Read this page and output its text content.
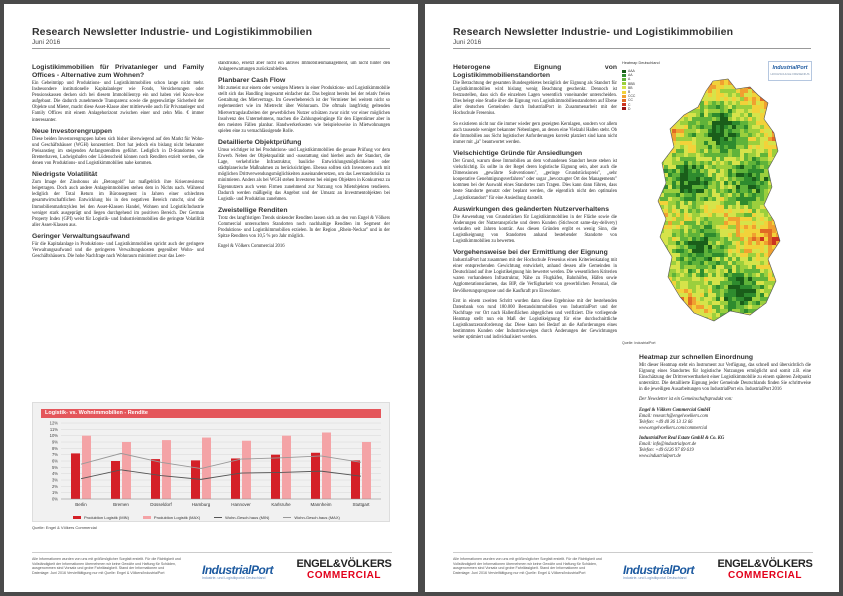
Research Newsletter Industrie- und Logistikimmobilien
Juni 2016
Logistikimmobilien für Privatanleger und Family Offices - Alternative zum Wohnen?

Ein Gebeimtipp und Produktions- und Logistikimmobilien schon lange nicht mehr. Insbesondere institutionelle Kapitalanleger wie Fonds, Versicherungen oder Pensionskassen decken sich bei diesem Immobilientyp ein und haben viel Know-how aufgebaut. Die dadurch zunehmende Transparenz sowie die gegenwärtige Sicherheit der Objekte und Mieter, macht diese Asset-Klasse aber mittlerweile auch für Privatanleger und Family Offices mit einem Anlagehorizont zwischen einer und zehn Mio. € immer interessanter.

Neue Investorengruppen

Diese beiden Investorengruppen haben sich bisher überwiegend auf den Markt für Wohn- und Geschäftshäuser (WGH) konzentriert. Dort hat jedoch ein bislang nicht bekannter Preisanstieg im steigenden Anfangsrenditen geführt. Lediglich in D-Standorten wie Bremerhaven, Ludwigshafen oder Lüdenscheid können noch Renditen erzielt werden, die denen von Produktions- und Logistikimmobilien nahe kommen.

Niedrigste Volatilität

Zum Image der Zinsbonus als „Betongold" hat maßgeblich ihre Krisenresistenz beigetragen. Doch auch andere Anlageimmobilien stehen dem in Nichts nach. Während lediglich der Total Return im Büronsegment in Jahren einer schlechten gesamtwirtschaftlichen Entwicklung bis in den negativen Bereich rutscht, sind die Immobilienmarktzyklen bei den Asset-Klassen Handel, Wohnen und Logistik/Industrie weniger stark ausgeprägt und liegen durchgehend im positiven Bereich. Der German Property Index (GPI) weist für Logistik- und Industrieimmobilien die geringste Volatilität aller Asset-Klassen aus.

Geringer Verwaltungsaufwand

Für die Kapitalanlage in Produktions- und Logistikimmobilien spricht auch der geringere Verwaltungsaufwand und die geringeren Verwaltungskosten gegenüber Wohn- und Geschäftshäusern. Die hohe Nachfrage nach Wohnraum minimiert zwar das Leer-

standrisiko, ersetzt aber nicht ein aktives Immobilienmanagement, um nicht hinter den Anlageerwartungen zurückzubleiben.

Planbarer Cash Flow

Mit zumeist nur einem oder wenigen Mietern in einer Produktions- und Logistikimmobilie stellt sich das Handling insgesamt einfacher dar. Das beginnt bereits bei der relativ freien Gestaltung des Mietvertrags. Im Gewerbebereich ist der Vermieter bei weitem nicht so reglementiert wie im Mietrecht über Wohnraum. Die oftmals langfristig geltenden Mietvertragslaufzeiten der gewerblichen Nutzer schützen zwar nicht vor einer möglichen Insolvenz des Unternehmens, machen die Zahlungseingänge für den Eigentümer aber in den meisten Fällen planbar. Handwerkerkosten wie beispielsweise in Mietwohnungen spielen eine zu vernachlässigende Rolle.

Detaillierte Objektprüfung

Umso wichtiger ist bei Produktions- und Logistikimmobilien die genaue Prüfung vor dem Erwerb. Neben der Objektqualität und -ausstattung sind hierbei auch der Standort, die Lage, verkehrliche Infrastruktur, bauliche Entwicklungsmöglichkeiten oder städtplanerische Maßnahmen zu berücksichtigen. Ebenso sollten sich Investoren auch mit möglichen Drittverwendungsmöglichkeiten auseinandersetzen, um das Leerstandsrisiko zu minimieren. Anders als bei WGH stehen Investoren bei einigen Objekten in Konkurrenz zu Eigennutzern auch wenn Firmen zunehmend zur Nutzung von Mietobjekten tendieren. Dadurch werden mäßigeiig das Angebot und der Umsatz an Investmentobjekten bei Logistik- und Produktion zunehmen.

Zweistellige Renditen

Trotz des langfristigen Trends sinkender Renditen lassen sich an den von Engel & Völkers Commercial untersuchten Standorten noch nachhaltige Renditen im Segment der Produktions- und Logistikimmobilien erzielen. In der Region „Rhein-Neckar" und in der Spitze Renditen von 10,5 % pro Jahr möglich.

Engel & Völkers Commercial 2016

0%
1%
2%
3%
4%
5%
6%
7%
8%
9%
10%
11%
12%
Berlin	Bremen	Düsseldorf	Hamburg	Hannover	Karlsruhe	Mannheim	Stuttgart
Logistik- vs. Wohnimmobilien - Rendite
Produktion Logistik (MIN)	Produktion Logistik (MAX)	Wohn-Gesch.haus (MIN)	Wohn-Gesch.haus (MAX)
Quelle: Engel & Völkers Commercial
Alle Informationen wurden von uns mit größtmöglicher Sorgfalt erstellt. Für die Richtigkeit und Vollständigkeit der Informationen übernehmen wir keine Gewähr und Haftung für Schäden, ausgenommen sind Vorsatz und grobe Fahrlässigkeit. Stand der Informationen und Datenlage: Juni 2016 Vervielfältigung nur mit Quelle: Engel & Völkers/IndustrialPort	IndustrialPort
Industrie- und Logistikportal Deutschland
ENGEL&VÖLKERS
COMMERCIAL
Research Newsletter Industrie- und Logistikimmobilien
Juni 2016
Heterogene Eignung von Logistikimmobilienstandorten

Die Betrachtung der gesamten Bundesgebietes bezüglich der Eignung als Standort für Logistikimmobilien wird bislang wenig Beachtung geschenkt. Dennoch ist festzustellen, dass sich die einzelnen Lagen wesentlich voneinander unterscheiden. Dies belegt eine Studie über die Eignung von Logistikimmobilienstandorten auf Ebene aller deutschen Gemeinden durch IndustrialPort in Zusammenarbeit mit der Hochschule Fresenius.

So existieren nicht nur die immer wieder gern gezeigten Kernlagen, sondern vor allem auch tausende weniger bekannter Nebenlagen, an denen eine Vielzahl Hallen steht. Ob die Immobilien aus Sicht logistischer Anforderungen korrekt platziert sind kann nicht immer mit „ja" beantwortet werden.

Vielschichtige Gründe für Ansiedlungen

Der Grund, warum diese Immobilien an dem vorhandenen Standort heute stehen ist vielschichtig. Es sollte in der Regel deren logistische Eignung sein, aber auch die Dimensionen „gewährte Subventionen", „geringe Grundstückspreis", „sehr kooperative Genehmigungsverfahren" oder sogar „bevorzugter Ort des Managements" kommen bei der Auswahl eines Standortes zum Tragen. Dies kann dann führen, dass beste Standorte genutzt oder beplant werden, die eigentlich nicht den optimalen „Logistikstandort" für eine Ansiedlung darstellt.

Auswirkungen des geänderten Nutzerverhaltens

Die Anwendung von Grundstücken für Logistikimmobilien in der Fläche sowie die Änderungen der Nutzeransprüche und deren Kunden (Stichwort same-day-delivery) verlaufen seit Jahren konträr. Aus diesen Gründen ergibt es wenig Sinn, die Logistikeignung von Standorten anhand bestehender Standorte von Logistikimmobilien zu bewerten.

Vorgehensweise bei der Ermittlung der Eignung

IndustrialPort hat zusammen mit der Hochschule Fresenius einen Kriterienkatalog mit einer entsprechenden Gewichtung entwickelt, anhand dessen alle Gemeinden in Deutschland auf ihre Logistikeignung hin bewertet werden. Die wesentlichen Kriterien waren vorhandenen Infrastruktur, Nähe zu Flughäfen, Bahnhöfen, Häfen sowie Agglomerationsräumen, das BIP, die Verfügbarkeit von gewerblichen Personal, die Bevölkerungsprognose und die Kaufkraft pro Einwohner.

Erst in einem zweiten Schritt wurden dann diese Ergebnisse mit der bestehenden Datenbank von rund 180.000 Bestandsimmobilien von IndustrialPort und der Nachfrage vor Ort nach Hallenflächen abgeglichen und verifiziert. Die vorliegende Heatmap stellt nun ein Maß der Logistikeignung für eine durchschnittliche Logistiknutzeranforderung dar. Diese kann bei Bedarf an die Anforderungen eines bestimmten Kunden oder Industriezweiges durch Änderungen der Gewichtungen weiter optimiert und individualisiert werden.

Heatmap Deutschland
AAA
AA
A
BBB
BB
B
CCC
CC
C
D
IndustrialPort
HOCHSCHULE FRESENIUS
Quelle: IndustrialPort
Heatmap zur schnellen Einordnung

Mit dieser Heatmap steht ein Instrument zur Verfügung, das schnell und übersichtlich die Eignung eines Standortes für logistische Nutzungen ermöglicht und somit z.B. eine Einschätzung der Drittverwertbarkeit einer Logistikimmobilie zu einem späteren Zeitpunkt unterstützt. Die detaillierte Eignung jeder Gemeinde Deutschlands finden Sie schrittweise in die jeweiligen Ausarbeitungen von IndustrialPort ein. IndustrialPort 2016

Der Newsletter ist ein Gemeinschaftsprodukt von:
Engel & Völkers Commercial GmbH
Email: research@engelvoelkers.com
Telefon: +49 40 36 13 13 66
www.engelvoelkers.com/commercial
IndustrialPort Real Estate GmbH & Co. KG
Email: info@industrialport.de
Telefon: +49 6126 97 69 619
www.industrialport.de
Alle Informationen wurden von uns mit größtmöglicher Sorgfalt erstellt. Für die Richtigkeit und Vollständigkeit der Informationen übernehmen wir keine Gewähr und Haftung für Schäden, ausgenommen sind Vorsatz und grobe Fahrlässigkeit. Stand der Informationen und Datenlage: Juni 2016 Vervielfältigung nur mit Quelle: Engel & Völkers/IndustrialPort	IndustrialPort
Industrie- und Logistikportal Deutschland
ENGEL&VÖLKERS
COMMERCIAL
